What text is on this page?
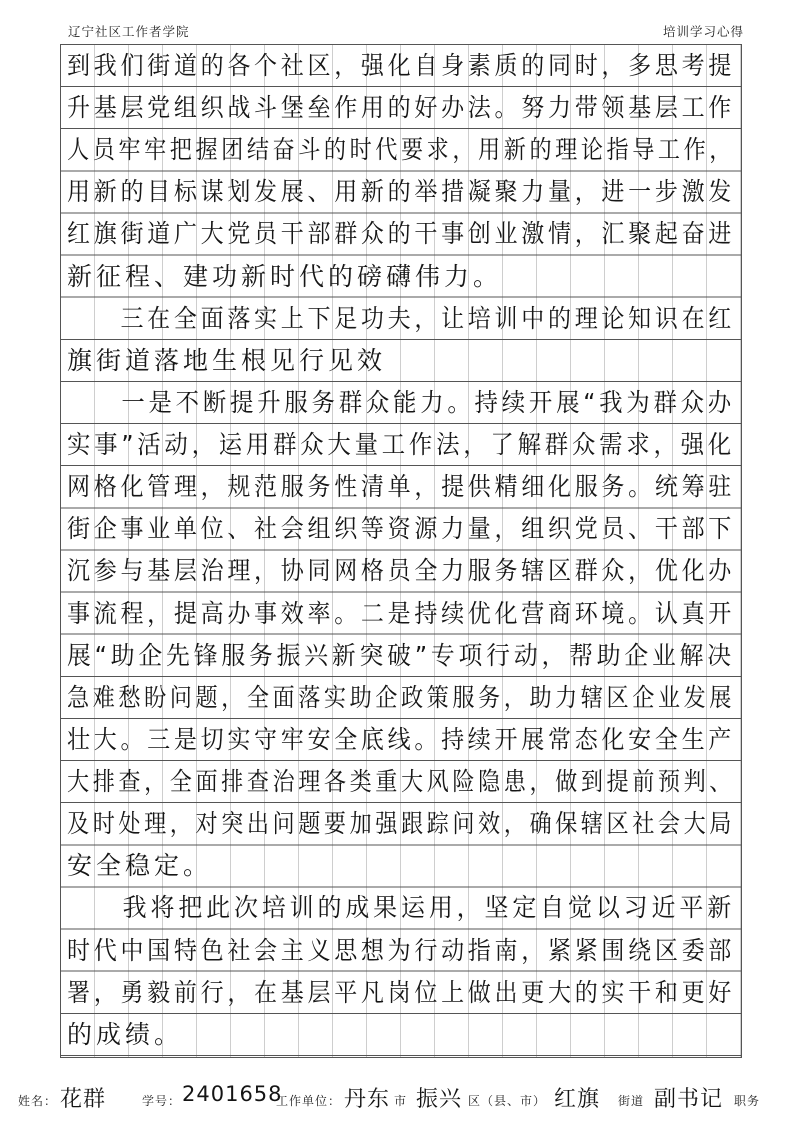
辽宁社区工作者学院	培训学习心得
到我们街道的各个社区，强化自身素质的同时，多思考提
升基层党组织战斗堡垒作用的好办法。努力带领基层工作
人员牢牢把握团结奋斗的时代要求，用新的理论指导工作，
用新的目标谋划发展、用新的举措凝聚力量，进一步激发
红旗街道广大党员干部群众的干事创业激情，汇聚起奋进
新征程、建功新时代的磅礴伟力。
　　三在全面落实上下足功夫，让培训中的理论知识在红
旗街道落地生根见行见效
　　一是不断提升服务群众能力。持续开展“我为群众办
实事”活动，运用群众大量工作法，了解群众需求，强化
网格化管理，规范服务性清单，提供精细化服务。统筹驻
街企事业单位、社会组织等资源力量，组织党员、干部下
沉参与基层治理，协同网格员全力服务辖区群众，优化办
事流程，提高办事效率。二是持续优化营商环境。认真开
展“助企先锋服务振兴新突破”专项行动，帮助企业解决
急难愁盼问题，全面落实助企政策服务，助力辖区企业发展
壮大。三是切实守牢安全底线。持续开展常态化安全生产
大排查，全面排查治理各类重大风险隐患，做到提前预判、
及时处理，对突出问题要加强跟踪问效，确保辖区社会大局
安全稳定。
　　我将把此次培训的成果运用，坚定自觉以习近平新
时代中国特色社会主义思想为行动指南，紧紧围绕区委部
署，勇毅前行，在基层平凡岗位上做出更大的实干和更好
的成绩。
姓名： 花群	学号： 2401658
工作单位： 丹东 市 振兴 区（县、市） 红旗 街道 副书记 职务
